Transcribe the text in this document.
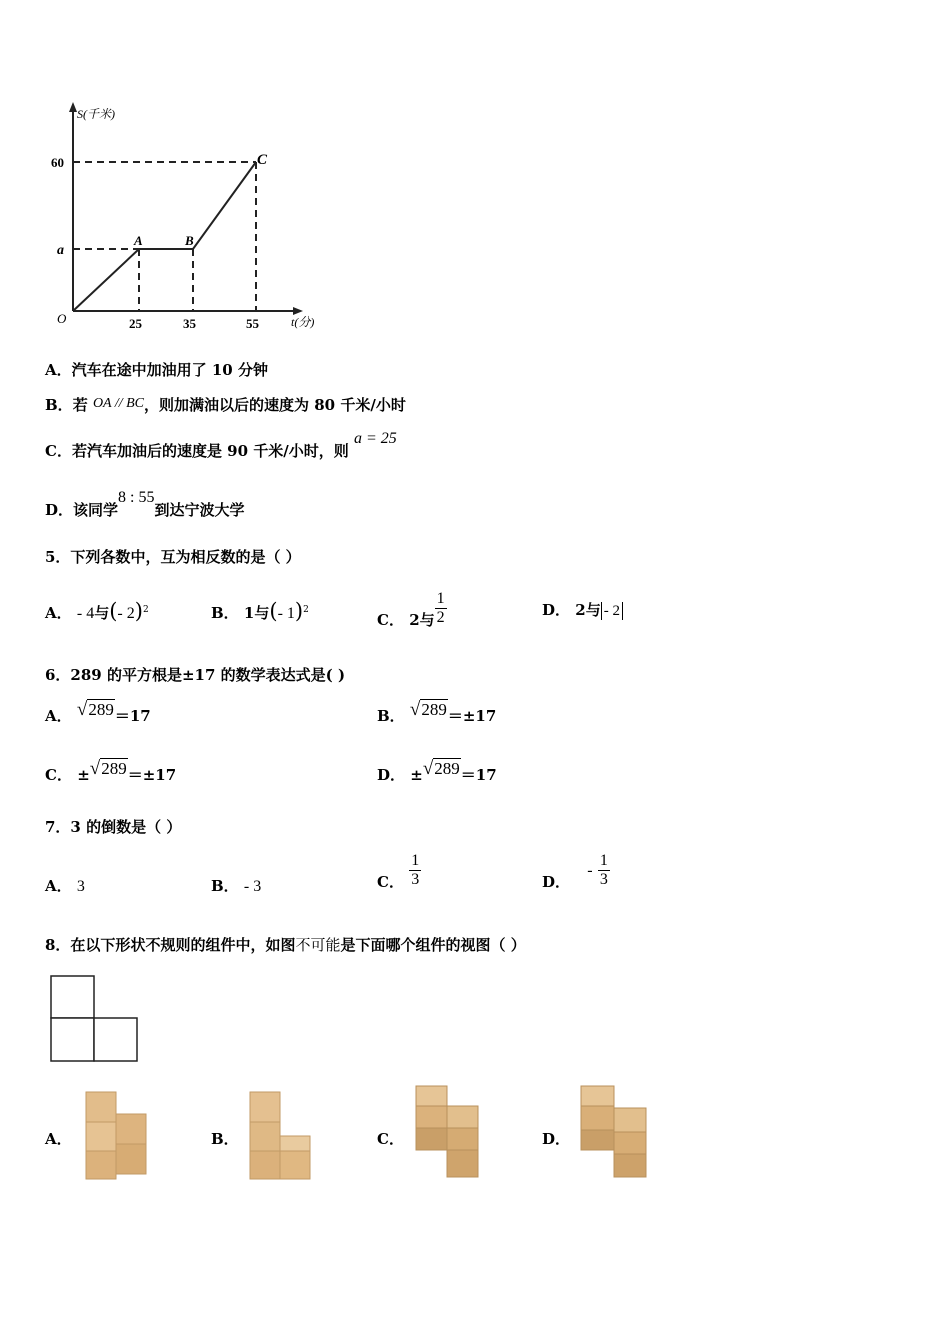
S(千米)
t(分)
O
60
a
25	35	55
A	B
C
A．汽车在途中加油用了 10 分钟
B．若 OA // BC，则加满油以后的速度为 80 千米/小时
C．若汽车加油后的速度是 90 千米/小时，则 a = 25
D．该同学8 : 55到达宁波大学
5．下列各数中，互为相反数的是（ ）
A． - 4与(- 2)$^2$	B． 1与(- 1)$^2$
C． 2与 $\frac{1}{2}$	D． 2与 - 2
6．289 的平方根是±17 的数学表达式是( )
A． √289＝17	B． √289＝±17
C． ±√289＝±17	D． ±√289＝17
7．3 的倒数是（ ）
A． 3	B． - 3	C． $\frac{1}{3}$	D． - $\frac{1}{3}$
8．在以下形状不规则的组件中，如图不可能是下面哪个组件的视图（ ）
A．	B．	C．	D．
